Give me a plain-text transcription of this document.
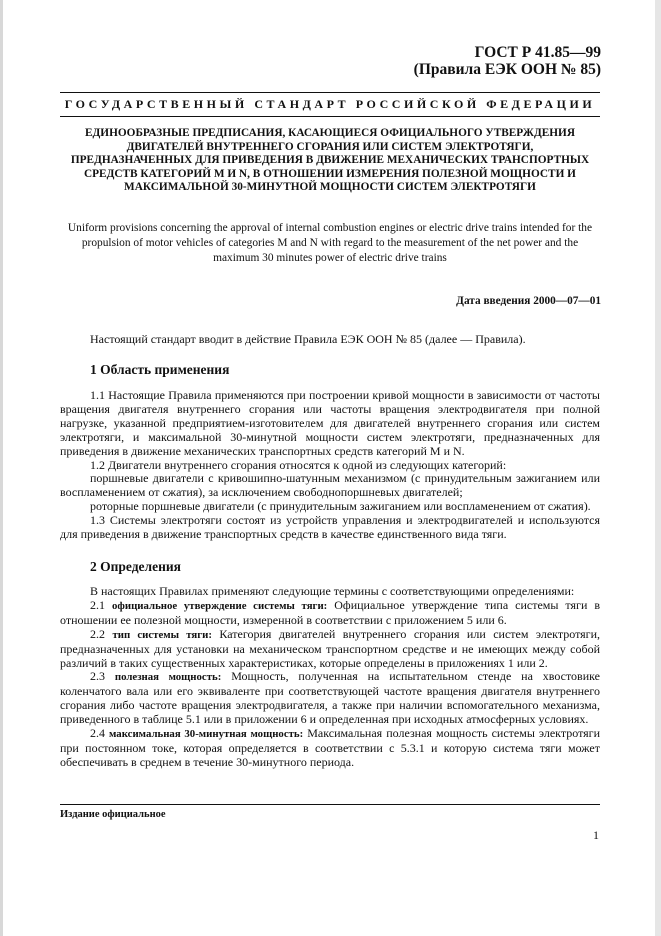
ГОСТ Р 41.85—99
(Правила ЕЭК ООН № 85)
ГОСУДАРСТВЕННЫЙ СТАНДАРТ РОССИЙСКОЙ ФЕДЕРАЦИИ
ЕДИНООБРАЗНЫЕ ПРЕДПИСАНИЯ, КАСАЮЩИЕСЯ ОФИЦИАЛЬНОГО УТВЕРЖДЕНИЯ ДВИГАТЕЛЕЙ ВНУТРЕННЕГО СГОРАНИЯ ИЛИ СИСТЕМ ЭЛЕКТРОТЯГИ, ПРЕДНАЗНАЧЕННЫХ ДЛЯ ПРИВЕДЕНИЯ В ДВИЖЕНИЕ МЕХАНИЧЕСКИХ ТРАНСПОРТНЫХ СРЕДСТВ КАТЕГОРИЙ M И N, В ОТНОШЕНИИ ИЗМЕРЕНИЯ ПОЛЕЗНОЙ МОЩНОСТИ И МАКСИМАЛЬНОЙ 30-МИНУТНОЙ МОЩНОСТИ СИСТЕМ ЭЛЕКТРОТЯГИ
Uniform provisions concerning the approval of internal combustion engines or electric drive trains intended for the propulsion of motor vehicles of categories M and N with regard to the measurement of the net power and the maximum 30 minutes power of electric drive trains
Дата введения 2000—07—01

Настоящий стандарт вводит в действие Правила ЕЭК ООН № 85 (далее — Правила).

1 Область применения

1.1 Настоящие Правила применяются при построении кривой мощности в зависимости от частоты вращения двигателя внутреннего сгорания или частоты вращения электродвигателя при полной нагрузке, указанной предприятием-изготовителем для двигателей внутреннего сгорания или систем электротяги, и максимальной 30-минутной мощности систем электротяги, предназначенных для приведения в движение механических транспортных средств категорий M и N.

1.2 Двигатели внутреннего сгорания относятся к одной из следующих категорий:

поршневые двигатели с кривошипно-шатунным механизмом (с принудительным зажиганием или воспламенением от сжатия), за исключением свободнопоршневых двигателей;

роторные поршневые двигатели (с принудительным зажиганием или воспламенением от сжатия).

1.3 Системы электротяги состоят из устройств управления и электродвигателей и используются для приведения в движение транспортных средств в качестве единственного вида тяги.

2 Определения

В настоящих Правилах применяют следующие термины с соответствующими определениями:

2.1 официальное утверждение системы тяги: Официальное утверждение типа системы тяги в отношении ее полезной мощности, измеренной в соответствии с приложением 5 или 6.

2.2 тип системы тяги: Категория двигателей внутреннего сгорания или систем электротяги, предназначенных для установки на механическом транспортном средстве и не имеющих между собой различий в таких существенных характеристиках, которые определены в приложениях 1 или 2.

2.3 полезная мощность: Мощность, полученная на испытательном стенде на хвостовике коленчатого вала или его эквиваленте при соответствующей частоте вращения двигателя внутреннего сгорания либо частоте вращения электродвигателя, а также при наличии вспомогательного механизма, приведенного в таблице 5.1 или в приложении 6 и определенная при исходных атмосферных условиях.

2.4 максимальная 30-минутная мощность: Максимальная полезная мощность системы электротяги при постоянном токе, которая определяется в соответствии с 5.3.1 и которую система тяги может обеспечивать в среднем в течение 30-минутного периода.

Издание официальное
1
